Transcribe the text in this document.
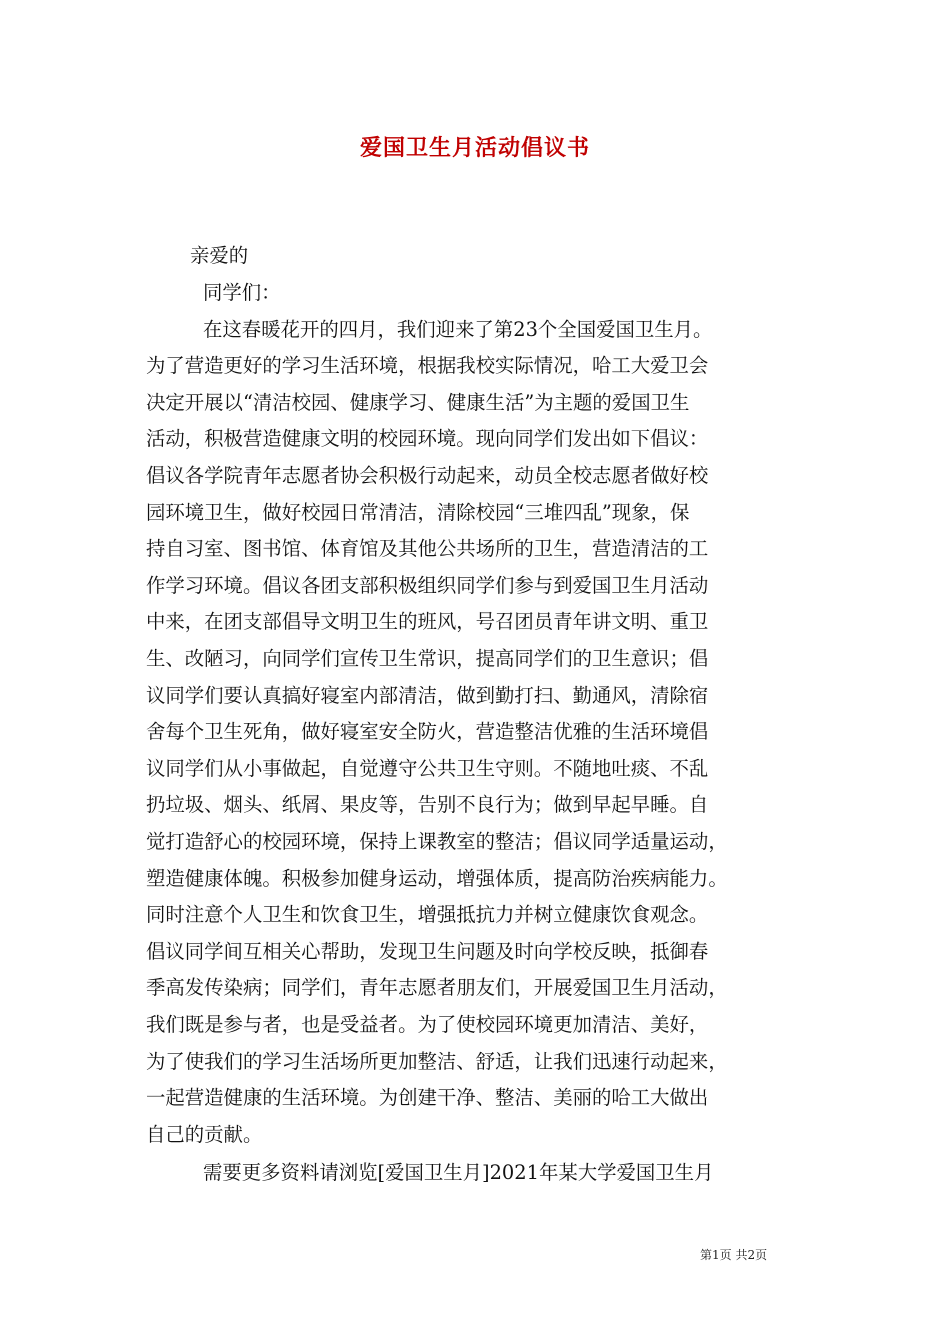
爱国卫生月活动倡议书
亲爱的
同学们：
在这春暖花开的四月，我们迎来了第23个全国爱国卫生月。
为了营造更好的学习生活环境，根据我校实际情况，哈工大爱卫会
决定开展以“清洁校园、健康学习、健康生活”为主题的爱国卫生
活动，积极营造健康文明的校园环境。现向同学们发出如下倡议：
倡议各学院青年志愿者协会积极行动起来，动员全校志愿者做好校
园环境卫生，做好校园日常清洁，清除校园“三堆四乱”现象，保
持自习室、图书馆、体育馆及其他公共场所的卫生，营造清洁的工
作学习环境。倡议各团支部积极组织同学们参与到爱国卫生月活动
中来，在团支部倡导文明卫生的班风，号召团员青年讲文明、重卫
生、改陋习，向同学们宣传卫生常识，提高同学们的卫生意识；倡
议同学们要认真搞好寝室内部清洁，做到勤打扫、勤通风，清除宿
舍每个卫生死角，做好寝室安全防火，营造整洁优雅的生活环境倡
议同学们从小事做起，自觉遵守公共卫生守则。不随地吐痰、不乱
扔垃圾、烟头、纸屑、果皮等，告别不良行为；做到早起早睡。自
觉打造舒心的校园环境，保持上课教室的整洁；倡议同学适量运动，
塑造健康体魄。积极参加健身运动，增强体质，提高防治疾病能力。
同时注意个人卫生和饮食卫生，增强抵抗力并树立健康饮食观念。
倡议同学间互相关心帮助，发现卫生问题及时向学校反映，抵御春
季高发传染病；同学们，青年志愿者朋友们，开展爱国卫生月活动，
我们既是参与者，也是受益者。为了使校园环境更加清洁、美好，
为了使我们的学习生活场所更加整洁、舒适，让我们迅速行动起来，
一起营造健康的生活环境。为创建干净、整洁、美丽的哈工大做出
自己的贡献。
需要更多资料请浏览[爱国卫生月]2021年某大学爱国卫生月
第1页 共2页
